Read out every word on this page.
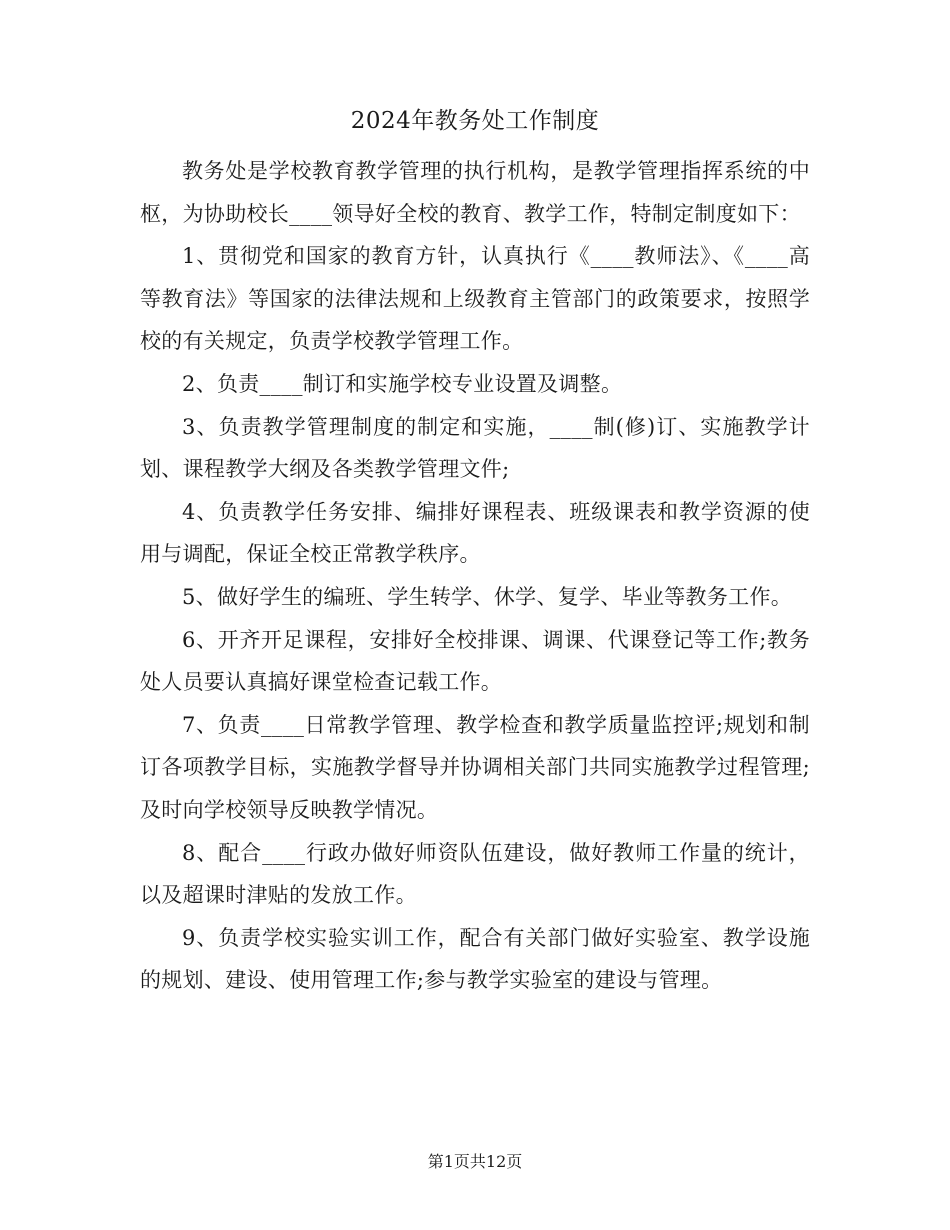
2024年教务处工作制度

教务处是学校教育教学管理的执行机构，是教学管理指挥系统的中枢，为协助校长____领导好全校的教育、教学工作，特制定制度如下：

1、贯彻党和国家的教育方针，认真执行《____教师法》、《____高等教育法》等国家的法律法规和上级教育主管部门的政策要求，按照学校的有关规定，负责学校教学管理工作。

2、负责____制订和实施学校专业设置及调整。

3、负责教学管理制度的制定和实施，____制(修)订、实施教学计划、课程教学大纲及各类教学管理文件;

4、负责教学任务安排、编排好课程表、班级课表和教学资源的使用与调配，保证全校正常教学秩序。

5、做好学生的编班、学生转学、休学、复学、毕业等教务工作。

6、开齐开足课程，安排好全校排课、调课、代课登记等工作;教务处人员要认真搞好课堂检查记载工作。

7、负责____日常教学管理、教学检查和教学质量监控评;规划和制订各项教学目标，实施教学督导并协调相关部门共同实施教学过程管理;及时向学校领导反映教学情况。

8、配合____行政办做好师资队伍建设，做好教师工作量的统计，以及超课时津贴的发放工作。

9、负责学校实验实训工作，配合有关部门做好实验室、教学设施的规划、建设、使用管理工作;参与教学实验室的建设与管理。

第1页共12页
